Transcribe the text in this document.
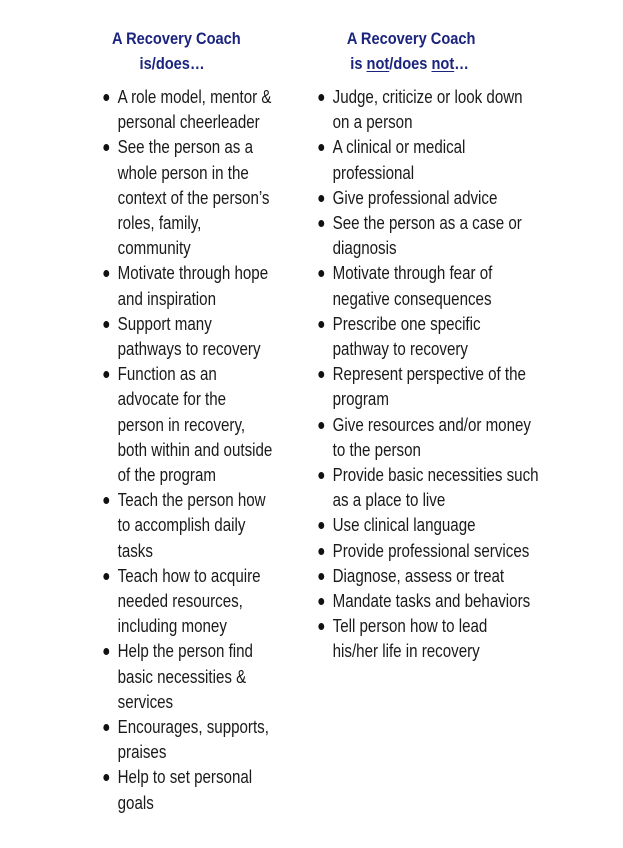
A Recovery Coach
is/does…
A role model, mentor &
personal cheerleader
See the person as a
whole person in the
context of the person’s
roles, family,
community
Motivate through hope
and inspiration
Support many
pathways to recovery
Function as an
advocate for the
person in recovery,
both within and outside
of the program
Teach the person how
to accomplish daily
tasks
Teach how to acquire
needed resources,
including money
Help the person find
basic necessities &
services
Encourages, supports,
praises
Help to set personal
goals
A Recovery Coach
is not/does not…
Judge, criticize or look down
on a person
A clinical or medical
professional
Give professional advice
See the person as a case or
diagnosis
Motivate through fear of
negative consequences
Prescribe one specific
pathway to recovery
Represent perspective of the
program
Give resources and/or money
to the person
Provide basic necessities such
as a place to live
Use clinical language
Provide professional services
Diagnose, assess or treat
Mandate tasks and behaviors
Tell person how to lead
his/her life in recovery
